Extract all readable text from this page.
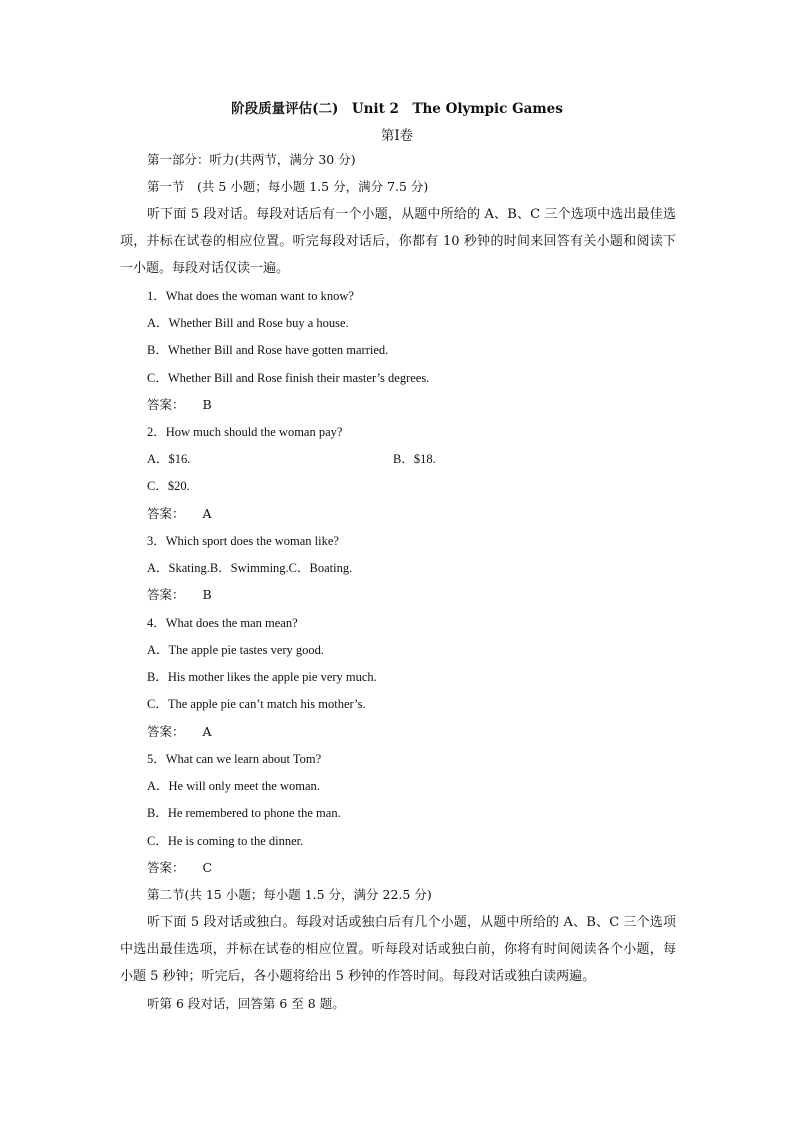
阶段质量评估(二)　Unit 2　The Olympic Games
第Ⅰ卷
第一部分：听力(共两节，满分 30 分)
第一节　(共 5 小题；每小题 1.5 分，满分 7.5 分)
听下面 5 段对话。每段对话后有一个小题，从题中所给的 A、B、C 三个选项中选出最佳选项，并标在试卷的相应位置。听完每段对话后，你都有 10 秒钟的时间来回答有关小题和阅读下一小题。每段对话仅读一遍。
1．What does the woman want to know?
A．Whether Bill and Rose buy a house.
B．Whether Bill and Rose have gotten married.
C．Whether Bill and Rose finish their master’s degrees.
答案： B
2．How much should the woman pay?
A．$16.	B．$18.
C．$20.
答案： A
3．Which sport does the woman like?
A．Skating.B．Swimming.C．Boating.
答案： B
4．What does the man mean?
A．The apple pie tastes very good.
B．His mother likes the apple pie very much.
C．The apple pie can’t match his mother’s.
答案： A
5．What can we learn about Tom?
A．He will only meet the woman.
B．He remembered to phone the man.
C．He is coming to the dinner.
答案： C
第二节(共 15 小题；每小题 1.5 分，满分 22.5 分)
听下面 5 段对话或独白。每段对话或独白后有几个小题，从题中所给的 A、B、C 三个选项中选出最佳选项，并标在试卷的相应位置。听每段对话或独白前，你将有时间阅读各个小题，每小题 5 秒钟；听完后，各小题将给出 5 秒钟的作答时间。每段对话或独白读两遍。
听第 6 段对话，回答第 6 至 8 题。
